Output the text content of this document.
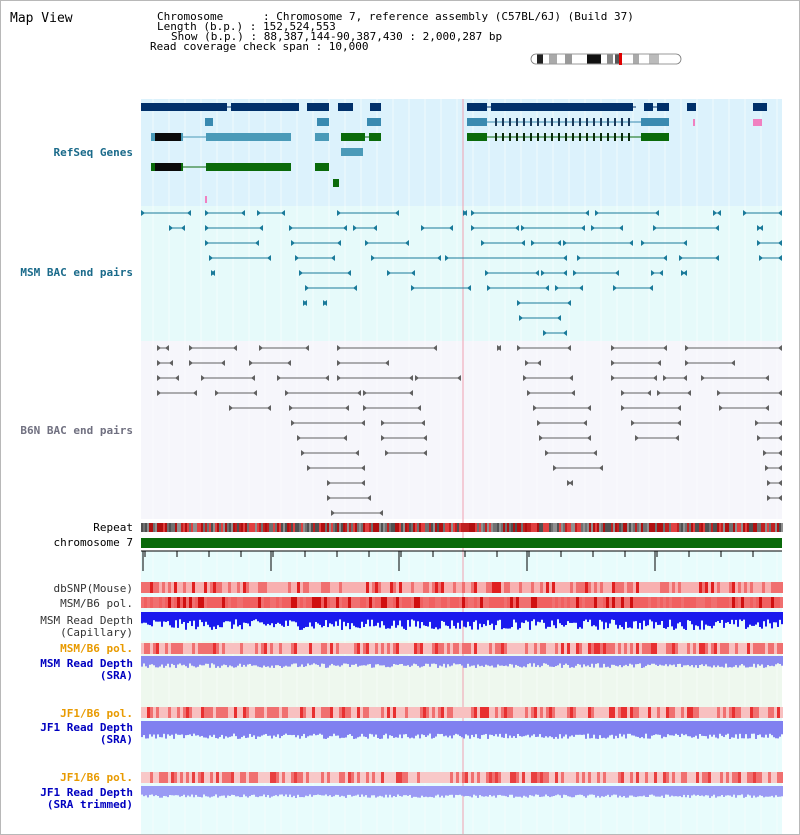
Map View	Chromosome      : Chromosome 7, reference assembly (C57BL/6J) (Build 37)
Length (b.p.) : 152,524,553
Show (b.p.) : 88,387,144-90,387,430 : 2,000,287 bp
Read coverage check span : 10,000
RefSeq Genes
MSM BAC end pairs
B6N BAC end pairs
Repeat
chromosome 7
dbSNP(Mouse)
MSM/B6 pol.
MSM Read Depth
(Capillary)
MSM/B6 pol.
MSM Read Depth
(SRA)
JF1/B6 pol.
JF1 Read Depth
(SRA)
JF1/B6 pol.
JF1 Read Depth
(SRA trimmed)
